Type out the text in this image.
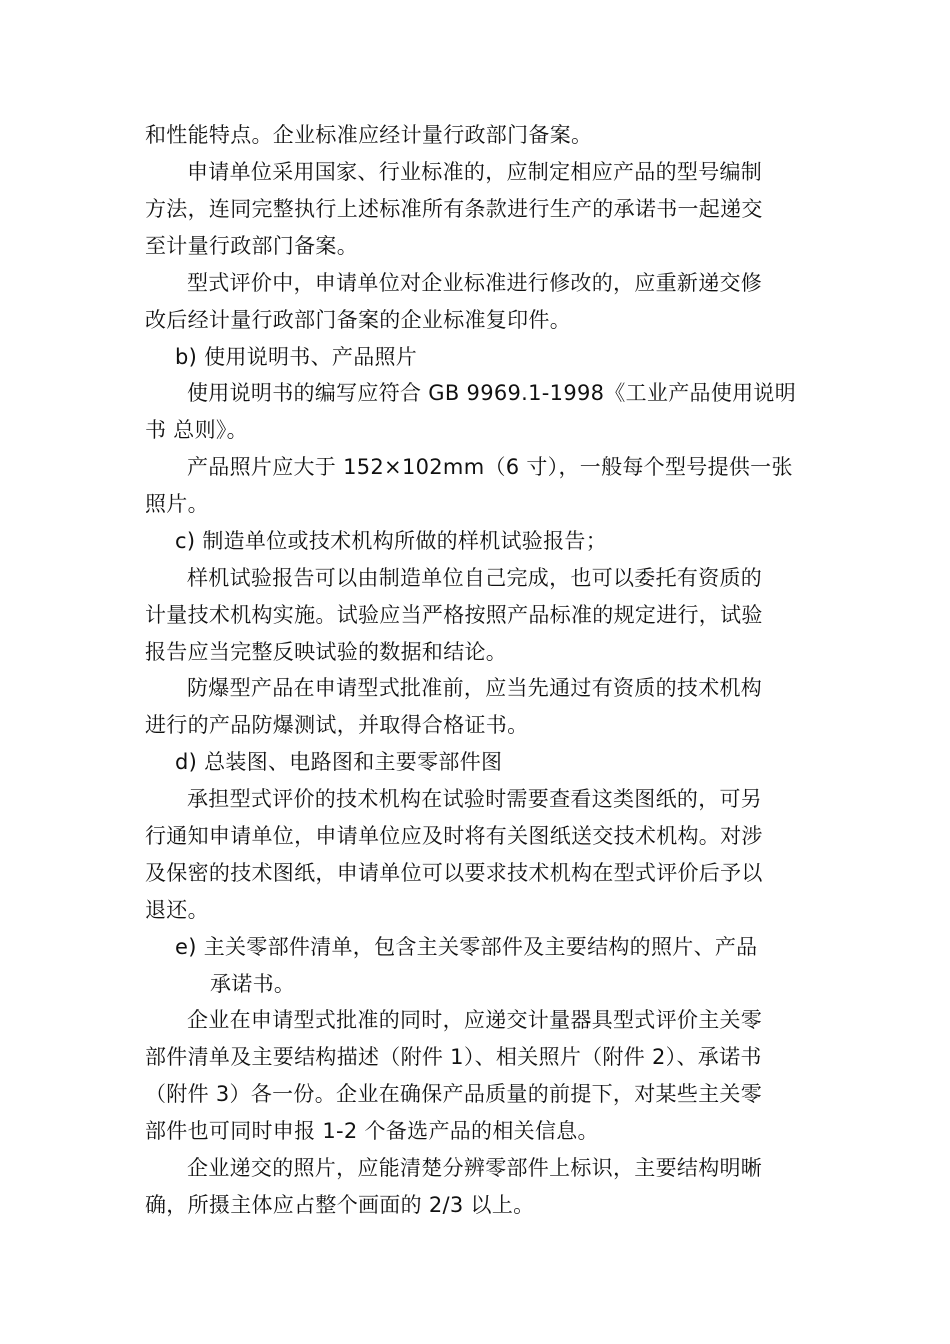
和性能特点。企业标准应经计量行政部门备案。
申请单位采用国家、行业标准的，应制定相应产品的型号编制
方法，连同完整执行上述标准所有条款进行生产的承诺书一起递交
至计量行政部门备案。
型式评价中，申请单位对企业标准进行修改的，应重新递交修
改后经计量行政部门备案的企业标准复印件。
b) 使用说明书、产品照片
使用说明书的编写应符合 GB 9969.1-1998《工业产品使用说明
书 总则》。
产品照片应大于 152×102mm（6 寸），一般每个型号提供一张
照片。
c) 制造单位或技术机构所做的样机试验报告；
样机试验报告可以由制造单位自己完成，也可以委托有资质的
计量技术机构实施。试验应当严格按照产品标准的规定进行，试验
报告应当完整反映试验的数据和结论。
防爆型产品在申请型式批准前，应当先通过有资质的技术机构
进行的产品防爆测试，并取得合格证书。
d) 总装图、电路图和主要零部件图
承担型式评价的技术机构在试验时需要查看这类图纸的，可另
行通知申请单位，申请单位应及时将有关图纸送交技术机构。对涉
及保密的技术图纸，申请单位可以要求技术机构在型式评价后予以
退还。
e) 主关零部件清单，包含主关零部件及主要结构的照片、产品
承诺书。
企业在申请型式批准的同时，应递交计量器具型式评价主关零
部件清单及主要结构描述（附件 1）、相关照片（附件 2）、承诺书
（附件 3）各一份。企业在确保产品质量的前提下，对某些主关零
部件也可同时申报 1-2 个备选产品的相关信息。
企业递交的照片，应能清楚分辨零部件上标识，主要结构明晰
确，所摄主体应占整个画面的 2/3 以上。
